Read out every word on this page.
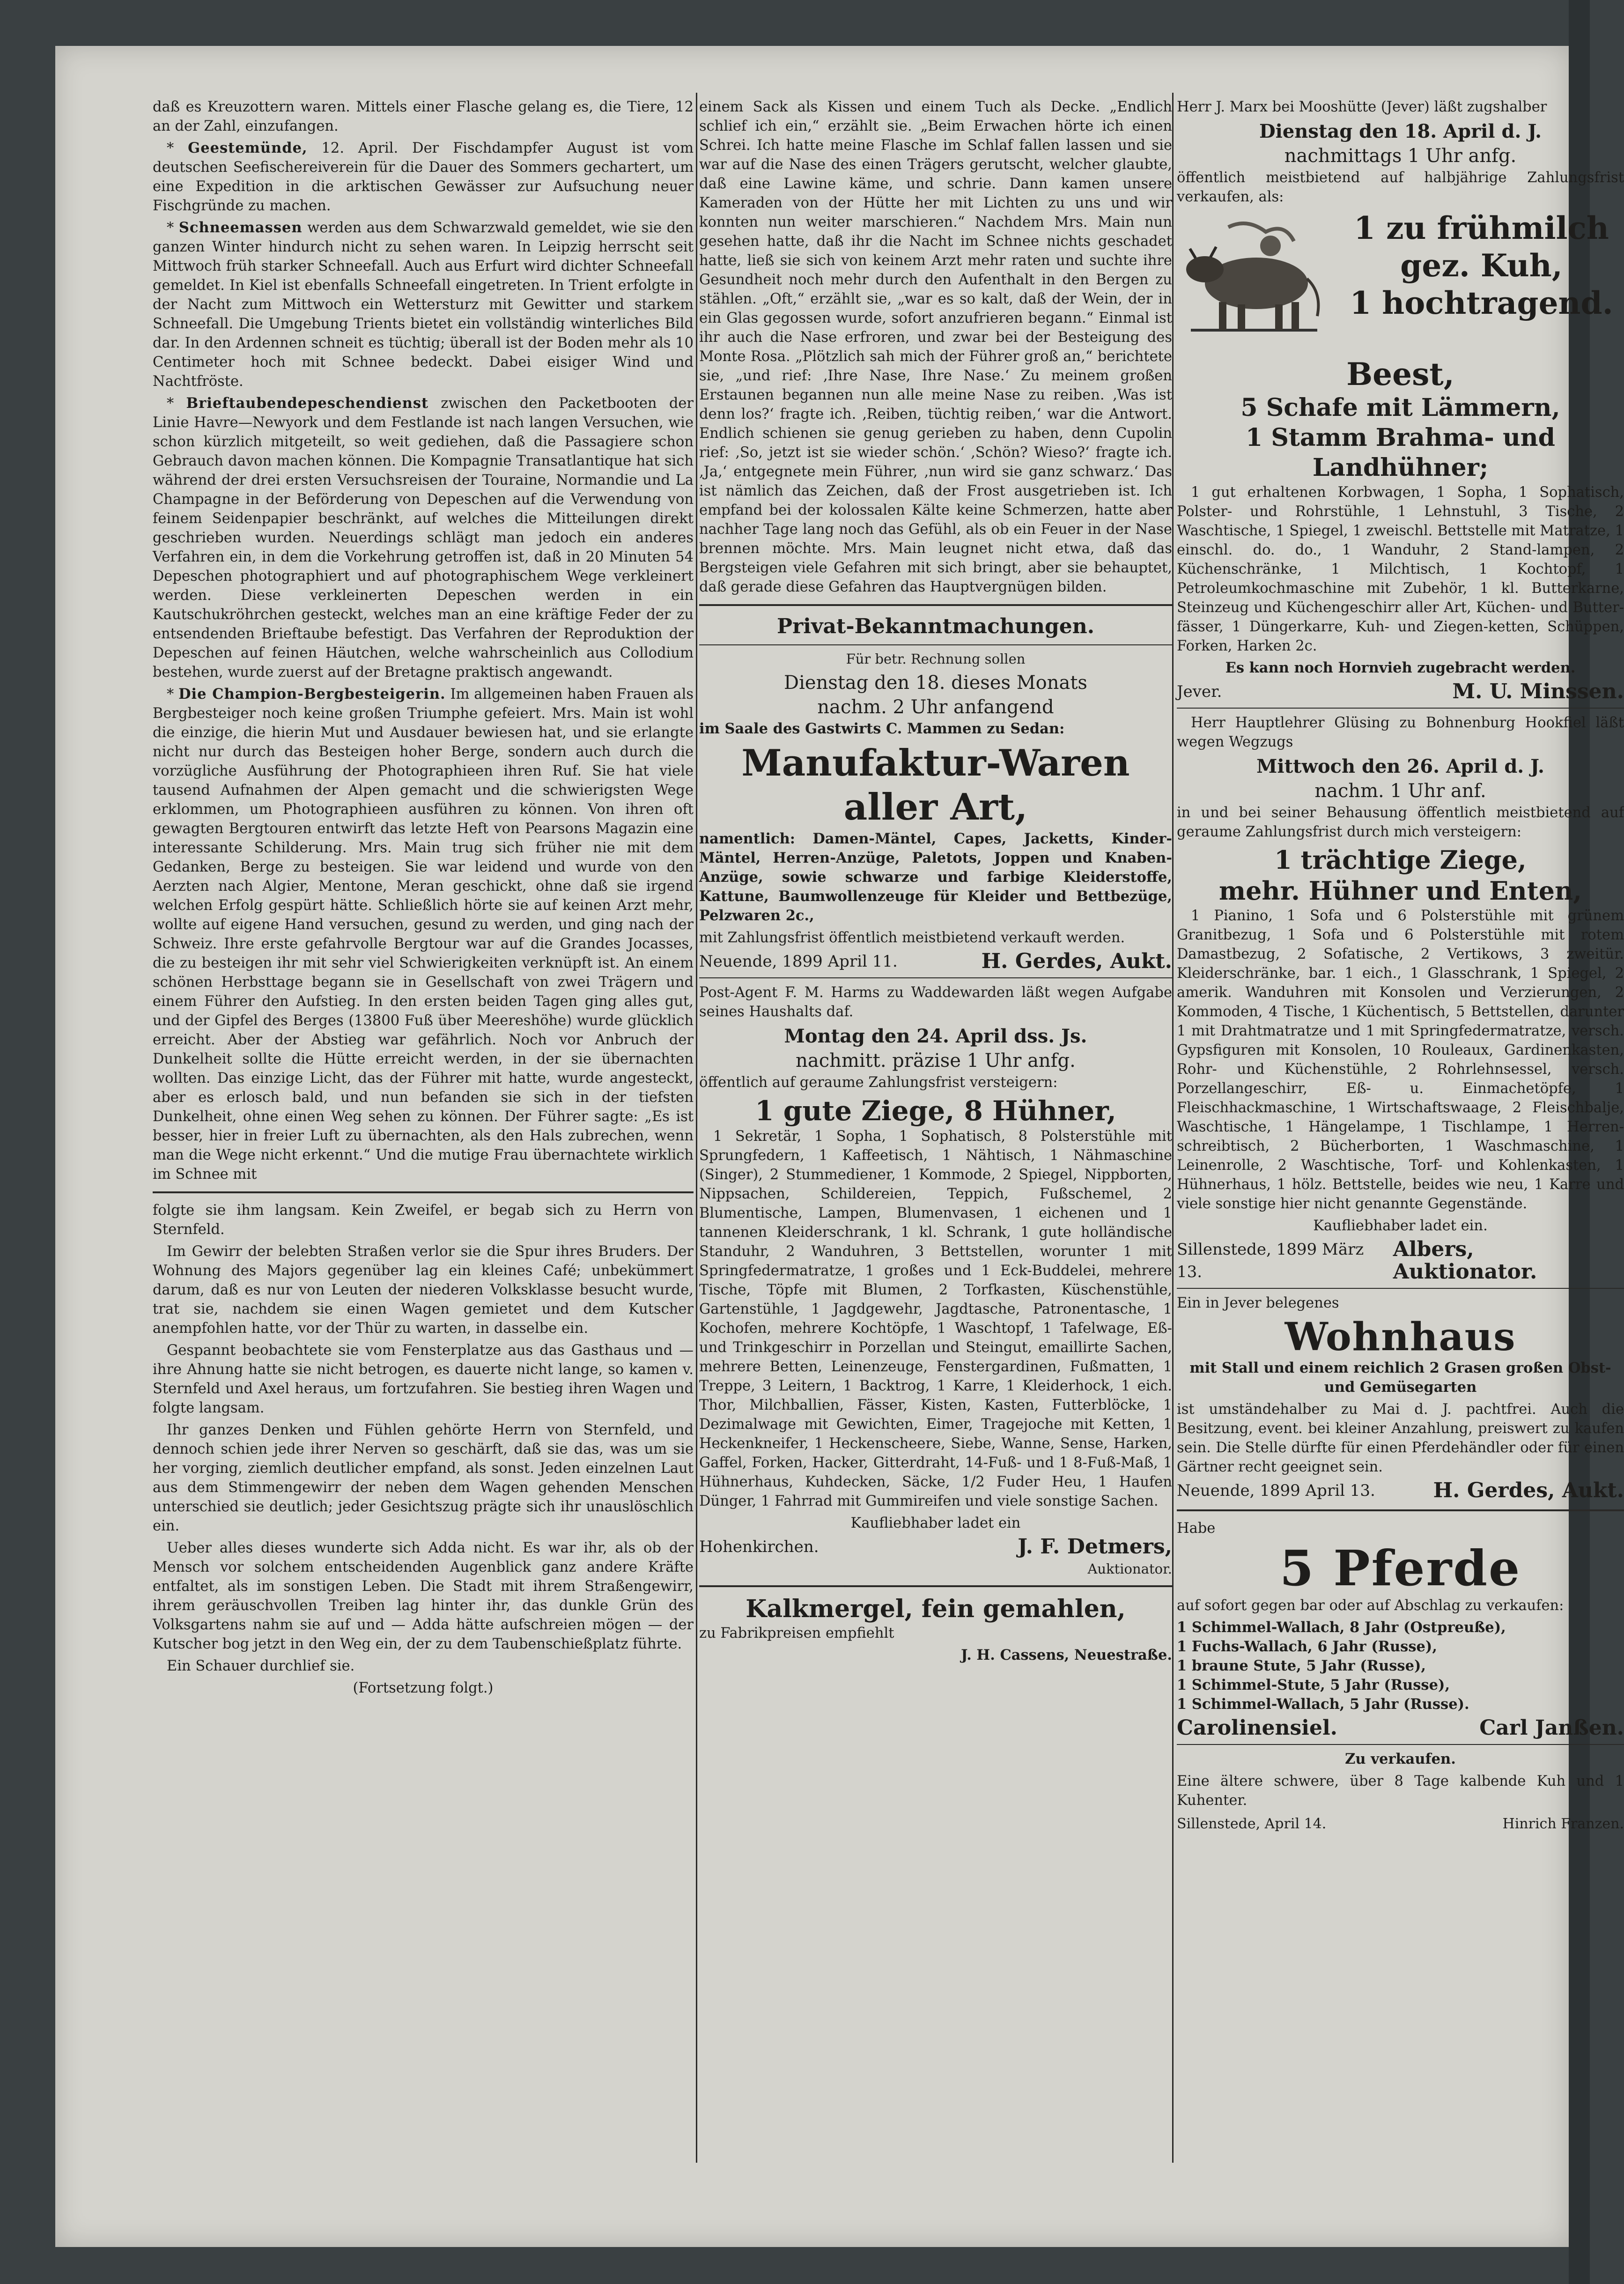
daß es Kreuzottern waren. Mittels einer Flasche gelang es, die Tiere, 12 an der Zahl, einzufangen.

* Geestemünde, 12. April. Der Fischdampfer August ist vom deutschen Seefischereiverein für die Dauer des Sommers gechartert, um eine Expedition in die arktischen Gewässer zur Aufsuchung neuer Fischgründe zu machen.

* Schneemassen werden aus dem Schwarzwald gemeldet, wie sie den ganzen Winter hindurch nicht zu sehen waren. In Leipzig herrscht seit Mittwoch früh starker Schneefall. Auch aus Erfurt wird dichter Schneefall gemeldet. In Kiel ist ebenfalls Schneefall eingetreten. In Trient erfolgte in der Nacht zum Mittwoch ein Wettersturz mit Gewitter und starkem Schneefall. Die Umgebung Trients bietet ein vollständig winterliches Bild dar. In den Ardennen schneit es tüchtig; überall ist der Boden mehr als 10 Centimeter hoch mit Schnee bedeckt. Dabei eisiger Wind und Nachtfröste.

* Brieftaubendepeschendienst zwischen den Packetbooten der Linie Havre—Newyork und dem Festlande ist nach langen Versuchen, wie schon kürzlich mitgeteilt, so weit gediehen, daß die Passagiere schon Gebrauch davon machen können. Die Kompagnie Transatlantique hat sich während der drei ersten Versuchsreisen der Touraine, Normandie und La Champagne in der Beförderung von Depeschen auf die Verwendung von feinem Seidenpapier beschränkt, auf welches die Mitteilungen direkt geschrieben wurden. Neuerdings schlägt man jedoch ein anderes Verfahren ein, in dem die Vorkehrung getroffen ist, daß in 20 Minuten 54 Depeschen photographiert und auf photographischem Wege verkleinert werden. Diese verkleinerten Depeschen werden in ein Kautschukröhrchen gesteckt, welches man an eine kräftige Feder der zu entsendenden Brieftaube befestigt. Das Verfahren der Reproduktion der Depeschen auf feinen Häutchen, welche wahrscheinlich aus Collodium bestehen, wurde zuerst auf der Bretagne praktisch angewandt.

* Die Champion-Bergbesteigerin. Im allgemeinen haben Frauen als Bergbesteiger noch keine großen Triumphe gefeiert. Mrs. Main ist wohl die einzige, die hierin Mut und Ausdauer bewiesen hat, und sie erlangte nicht nur durch das Besteigen hoher Berge, sondern auch durch die vorzügliche Ausführung der Photographieen ihren Ruf. Sie hat viele tausend Aufnahmen der Alpen gemacht und die schwierigsten Wege erklommen, um Photographieen ausführen zu können. Von ihren oft gewagten Bergtouren entwirft das letzte Heft von Pearsons Magazin eine interessante Schilderung. Mrs. Main trug sich früher nie mit dem Gedanken, Berge zu besteigen. Sie war leidend und wurde von den Aerzten nach Algier, Mentone, Meran geschickt, ohne daß sie irgend welchen Erfolg gespürt hätte. Schließlich hörte sie auf keinen Arzt mehr, wollte auf eigene Hand versuchen, gesund zu werden, und ging nach der Schweiz. Ihre erste gefahrvolle Bergtour war auf die Grandes Jocasses, die zu besteigen ihr mit sehr viel Schwierigkeiten verknüpft ist. An einem schönen Herbsttage begann sie in Gesellschaft von zwei Trägern und einem Führer den Aufstieg. In den ersten beiden Tagen ging alles gut, und der Gipfel des Berges (13800 Fuß über Meereshöhe) wurde glücklich erreicht. Aber der Abstieg war gefährlich. Noch vor Anbruch der Dunkelheit sollte die Hütte erreicht werden, in der sie übernachten wollten. Das einzige Licht, das der Führer mit hatte, wurde angesteckt, aber es erlosch bald, und nun befanden sie sich in der tiefsten Dunkelheit, ohne einen Weg sehen zu können. Der Führer sagte: „Es ist besser, hier in freier Luft zu übernachten, als den Hals zubrechen, wenn man die Wege nicht erkennt.“ Und die mutige Frau übernachtete wirklich im Schnee mit

folgte sie ihm langsam. Kein Zweifel, er begab sich zu Herrn von Sternfeld.

Im Gewirr der belebten Straßen verlor sie die Spur ihres Bruders. Der Wohnung des Majors gegenüber lag ein kleines Café; unbekümmert darum, daß es nur von Leuten der niederen Volksklasse besucht wurde, trat sie, nachdem sie einen Wagen gemietet und dem Kutscher anempfohlen hatte, vor der Thür zu warten, in dasselbe ein.

Gespannt beobachtete sie vom Fensterplatze aus das Gasthaus und — ihre Ahnung hatte sie nicht betrogen, es dauerte nicht lange, so kamen v. Sternfeld und Axel heraus, um fortzufahren. Sie bestieg ihren Wagen und folgte langsam.

Ihr ganzes Denken und Fühlen gehörte Herrn von Sternfeld, und dennoch schien jede ihrer Nerven so geschärft, daß sie das, was um sie her vorging, ziemlich deutlicher empfand, als sonst. Jeden einzelnen Laut aus dem Stimmengewirr der neben dem Wagen gehenden Menschen unterschied sie deutlich; jeder Gesichtszug prägte sich ihr unauslöschlich ein.

Ueber alles dieses wunderte sich Adda nicht. Es war ihr, als ob der Mensch vor solchem entscheidenden Augenblick ganz andere Kräfte entfaltet, als im sonstigen Leben. Die Stadt mit ihrem Straßengewirr, ihrem geräuschvollen Treiben lag hinter ihr, das dunkle Grün des Volksgartens nahm sie auf und — Adda hätte aufschreien mögen — der Kutscher bog jetzt in den Weg ein, der zu dem Taubenschießplatz führte.

Ein Schauer durchlief sie.

(Fortsetzung folgt.)

einem Sack als Kissen und einem Tuch als Decke. „Endlich schlief ich ein,“ erzählt sie. „Beim Erwachen hörte ich einen Schrei. Ich hatte meine Flasche im Schlaf fallen lassen und sie war auf die Nase des einen Trägers gerutscht, welcher glaubte, daß eine Lawine käme, und schrie. Dann kamen unsere Kameraden von der Hütte her mit Lichten zu uns und wir konnten nun weiter marschieren.“ Nachdem Mrs. Main nun gesehen hatte, daß ihr die Nacht im Schnee nichts geschadet hatte, ließ sie sich von keinem Arzt mehr raten und suchte ihre Gesundheit noch mehr durch den Aufenthalt in den Bergen zu stählen. „Oft,“ erzählt sie, „war es so kalt, daß der Wein, der in ein Glas gegossen wurde, sofort anzufrieren begann.“ Einmal ist ihr auch die Nase erfroren, und zwar bei der Besteigung des Monte Rosa. „Plötzlich sah mich der Führer groß an,“ berichtete sie, „und rief: ‚Ihre Nase, Ihre Nase.‘ Zu meinem großen Erstaunen begannen nun alle meine Nase zu reiben. ‚Was ist denn los?‘ fragte ich. ‚Reiben, tüchtig reiben,‘ war die Antwort. Endlich schienen sie genug gerieben zu haben, denn Cupolin rief: ‚So, jetzt ist sie wieder schön.‘ ‚Schön? Wieso?‘ fragte ich. ‚Ja,‘ entgegnete mein Führer, ‚nun wird sie ganz schwarz.‘ Das ist nämlich das Zeichen, daß der Frost ausgetrieben ist. Ich empfand bei der kolossalen Kälte keine Schmerzen, hatte aber nachher Tage lang noch das Gefühl, als ob ein Feuer in der Nase brennen möchte. Mrs. Main leugnet nicht etwa, daß das Bergsteigen viele Gefahren mit sich bringt, aber sie behauptet, daß gerade diese Gefahren das Hauptvergnügen bilden.

Privat-Bekanntmachungen.

Für betr. Rechnung sollen

Dienstag den 18. dieses Monats
nachm. 2 Uhr anfangend

im Saale des Gastwirts C. Mammen zu Sedan:

Manufaktur-Waren
aller Art,

namentlich: Damen-Mäntel, Capes, Jacketts, Kinder-Mäntel, Herren-Anzüge, Paletots, Joppen und Knaben-Anzüge, sowie schwarze und farbige Kleiderstoffe, Kattune, Baumwollenzeuge für Kleider und Bettbezüge, Pelzwaren 2c.,

mit Zahlungsfrist öffentlich meistbietend verkauft werden.

Neuende, 1899 April 11.	H. Gerdes, Aukt.

Post-Agent F. M. Harms zu Waddewarden läßt wegen Aufgabe seines Haushalts daf.

Montag den 24. April dss. Js.
nachmitt. präzise 1 Uhr anfg.

öffentlich auf geraume Zahlungsfrist versteigern:

1 gute Ziege, 8 Hühner,

1 Sekretär, 1 Sopha, 1 Sophatisch, 8 Polsterstühle mit Sprungfedern, 1 Kaffeetisch, 1 Nähtisch, 1 Nähmaschine (Singer), 2 Stummediener, 1 Kommode, 2 Spiegel, Nippborten, Nippsachen, Schildereien, Teppich, Fußschemel, 2 Blumentische, Lampen, Blumenvasen, 1 eichenen und 1 tannenen Kleiderschrank, 1 kl. Schrank, 1 gute holländische Standuhr, 2 Wanduhren, 3 Bettstellen, worunter 1 mit Springfedermatratze, 1 großes und 1 Eck-Buddelei, mehrere Tische, Töpfe mit Blumen, 2 Torfkasten, Küschenstühle, Gartenstühle, 1 Jagdgewehr, Jagdtasche, Patronentasche, 1 Kochofen, mehrere Kochtöpfe, 1 Waschtopf, 1 Tafelwage, Eß- und Trinkgeschirr in Porzellan und Steingut, emaillirte Sachen, mehrere Betten, Leinenzeuge, Fenstergardinen, Fußmatten, 1 Treppe, 3 Leitern, 1 Backtrog, 1 Karre, 1 Kleiderhock, 1 eich. Thor, Milchballien, Fässer, Kisten, Kasten, Futterblöcke, 1 Dezimalwage mit Gewichten, Eimer, Tragejoche mit Ketten, 1 Heckenkneifer, 1 Heckenscheere, Siebe, Wanne, Sense, Harken, Gaffel, Forken, Hacker, Gitterdraht, 14-Fuß- und 1 8-Fuß-Maß, 1 Hühnerhaus, Kuhdecken, Säcke, 1/2 Fuder Heu, 1 Haufen Dünger, 1 Fahrrad mit Gummireifen und viele sonstige Sachen.

Kaufliebhaber ladet ein

Hohenkirchen.	J. F. Detmers,

Auktionator.

Kalkmergel, fein gemahlen,

zu Fabrikpreisen empfiehlt

J. H. Cassens, Neuestraße.

Herr J. Marx bei Mooshütte (Jever) läßt zugshalber

Dienstag den 18. April d. J.
nachmittags 1 Uhr anfg.

öffentlich meistbietend auf halbjährige Zahlungsfrist verkaufen, als:

1 zu frühmilch
gez. Kuh,
1 hochtragend.
Beest,
5 Schafe mit Lämmern,
1 Stamm Brahma- und
Landhühner;

1 gut erhaltenen Korbwagen, 1 Sopha, 1 Sophatisch, Polster- und Rohrstühle, 1 Lehnstuhl, 3 Tische, 2 Waschtische, 1 Spiegel, 1 zweischl. Bettstelle mit Matratze, 1 einschl. do. do., 1 Wanduhr, 2 Stand-lampen, 2 Küchenschränke, 1 Milchtisch, 1 Kochtopf, 1 Petroleumkochmaschine mit Zubehör, 1 kl. Butterkarne, Steinzeug und Küchengeschirr aller Art, Küchen- und Butter-fässer, 1 Düngerkarre, Kuh- und Ziegen-ketten, Schüppen, Forken, Harken 2c.

Es kann noch Hornvieh zugebracht werden.

Jever.	M. U. Minssen.

Herr Hauptlehrer Glüsing zu Bohnenburg Hookfiel läßt wegen Wegzugs

Mittwoch den 26. April d. J.
nachm. 1 Uhr anf.

in und bei seiner Behausung öffentlich meistbietend auf geraume Zahlungsfrist durch mich versteigern:

1 trächtige Ziege,
mehr. Hühner und Enten,

1 Pianino, 1 Sofa und 6 Polsterstühle mit grünem Granitbezug, 1 Sofa und 6 Polsterstühle mit rotem Damastbezug, 2 Sofatische, 2 Vertikows, 3 zweitür. Kleiderschränke, bar. 1 eich., 1 Glasschrank, 1 Spiegel, 2 amerik. Wanduhren mit Konsolen und Verzierungen, 2 Kommoden, 4 Tische, 1 Küchentisch, 5 Bettstellen, darunter 1 mit Drahtmatratze und 1 mit Springfedermatratze, versch. Gypsfiguren mit Konsolen, 10 Rouleaux, Gardinenkasten, Rohr- und Küchenstühle, 2 Rohrlehnsessel, versch. Porzellangeschirr, Eß- u. Einmachetöpfe, 1 Fleischhackmaschine, 1 Wirtschaftswaage, 2 Fleischbalje, Waschtische, 1 Hängelampe, 1 Tischlampe, 1 Herren-schreibtisch, 2 Bücherborten, 1 Waschmaschine, 1 Leinenrolle, 2 Waschtische, Torf- und Kohlenkasten, 1 Hühnerhaus, 1 hölz. Bettstelle, beides wie neu, 1 Karre und viele sonstige hier nicht genannte Gegenstände.

Kaufliebhaber ladet ein.

Sillenstede, 1899 März 13.
Albers, Auktionator.

Ein in Jever belegenes

Wohnhaus

mit Stall und einem reichlich 2 Grasen großen Obst- und Gemüsegarten

ist umständehalber zu Mai d. J. pachtfrei. Auch die Besitzung, event. bei kleiner Anzahlung, preiswert zu kaufen sein. Die Stelle dürfte für einen Pferdehändler oder für einen Gärtner recht geeignet sein.

Neuende, 1899 April 13.	H. Gerdes, Aukt.

Habe

5 Pferde

auf sofort gegen bar oder auf Abschlag zu verkaufen:

1 Schimmel-Wallach, 8 Jahr (Ostpreuße),

1 Fuchs-Wallach, 6 Jahr (Russe),

1 braune Stute, 5 Jahr (Russe),

1 Schimmel-Stute, 5 Jahr (Russe),

1 Schimmel-Wallach, 5 Jahr (Russe).

Carolinensiel.	Carl Janßen.

Zu verkaufen.

Eine ältere schwere, über 8 Tage kalbende Kuh und 1 Kuhenter.

Sillenstede, April 14.	Hinrich Franzen.
